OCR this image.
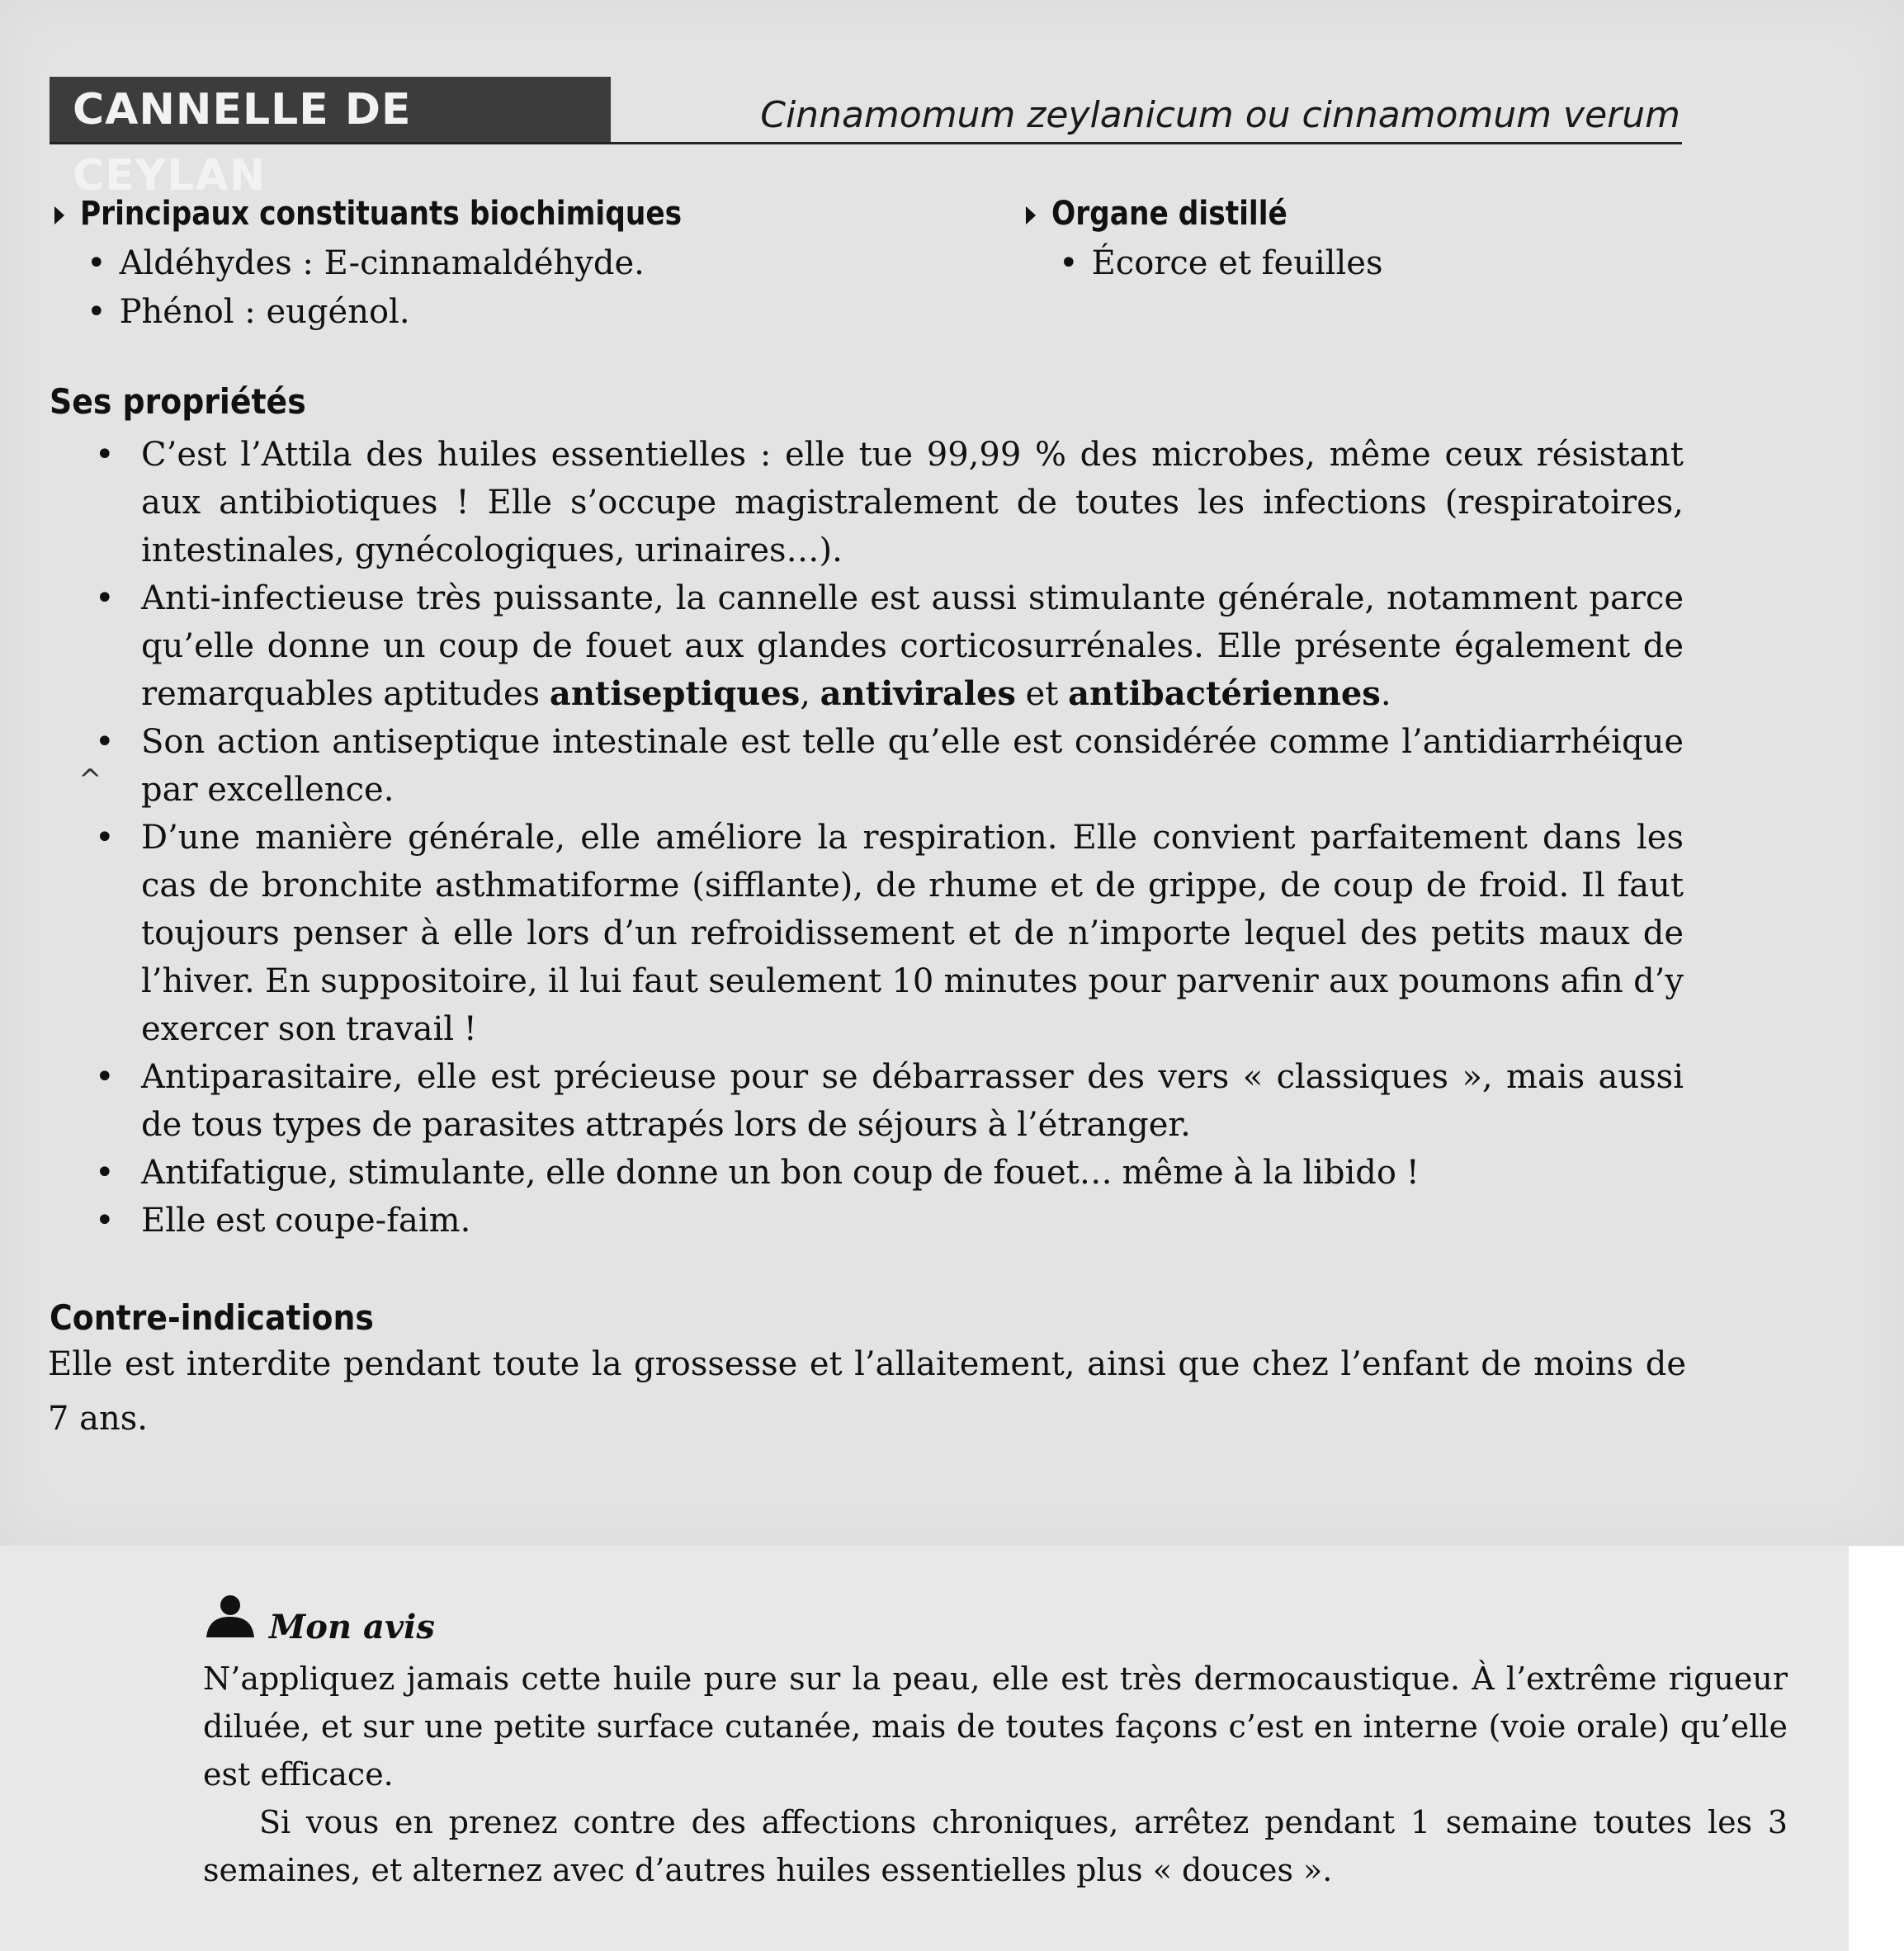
CANNELLE DE CEYLAN
Cinnamomum zeylanicum ou cinnamomum verum
Principaux constituants biochimiques
• Aldéhydes : E-cinnamaldéhyde.
• Phénol : eugénol.
Organe distillé
• Écorce et feuilles
Ses propriétés
• C’est l’Attila des huiles essentielles : elle tue 99,99 % des microbes, même ceux résistant aux antibiotiques ! Elle s’occupe magistralement de toutes les infections (respiratoires, intestinales, gynécologiques, urinaires…).
• Anti-infectieuse très puissante, la cannelle est aussi stimulante générale, notamment parce qu’elle donne un coup de fouet aux glandes corticosurrénales. Elle présente également de remarquables aptitudes antiseptiques, antivirales et antibactériennes.
• Son action antiseptique intestinale est telle qu’elle est considérée comme l’antidiarrhéique par excellence.
• D’une manière générale, elle améliore la respiration. Elle convient parfaitement dans les cas de bronchite asthmatiforme (sifflante), de rhume et de grippe, de coup de froid. Il faut toujours penser à elle lors d’un refroidissement et de n’importe lequel des petits maux de l’hiver. En suppositoire, il lui faut seulement 10 minutes pour parvenir aux poumons afin d’y exercer son travail !
• Antiparasitaire, elle est précieuse pour se débarrasser des vers « classiques », mais aussi de tous types de parasites attrapés lors de séjours à l’étranger.
• Antifatigue, stimulante, elle donne un bon coup de fouet… même à la libido !
• Elle est coupe-faim.
^
Contre-indications
Elle est interdite pendant toute la grossesse et l’allaitement, ainsi que chez l’enfant de moins de 7 ans.
Mon avis

N’appliquez jamais cette huile pure sur la peau, elle est très dermocaustique. À l’extrême rigueur diluée, et sur une petite surface cutanée, mais de toutes façons c’est en interne (voie orale) qu’elle est efficace.

Si vous en prenez contre des affections chroniques, arrêtez pendant 1 semaine toutes les 3 semaines, et alternez avec d’autres huiles essentielles plus « douces ».
